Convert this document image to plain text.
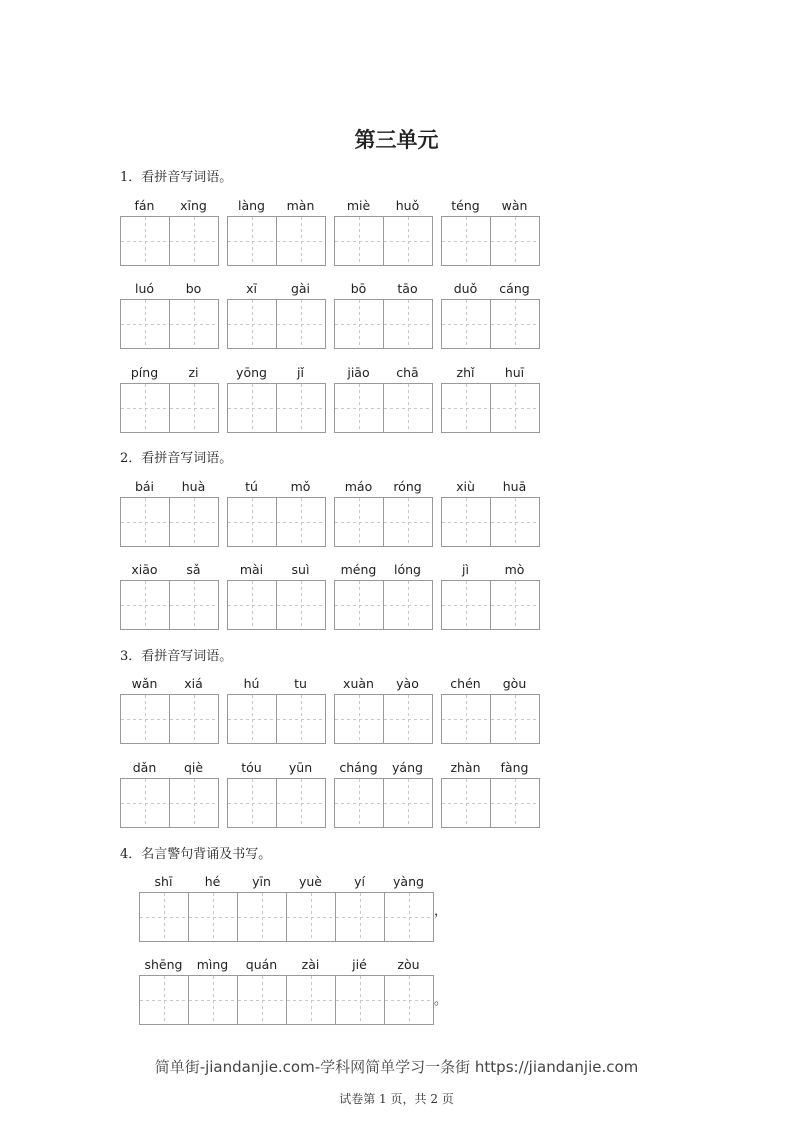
第三单元
1．看拼音写词语。
fán	xīng	làng	màn	miè	huǒ	téng	wàn
luó	bo	xī	gài	bō	tāo	duǒ	cáng
píng	zi	yōng	jǐ	jiāo	chā	zhǐ	huī
2．看拼音写词语。
bái	huà	tú	mǒ	máo	róng	xiù	huā
xiāo	sǎ	mài	suì	méng	lóng	jì	mò
3．看拼音写词语。
wǎn	xiá	hú	tu	xuàn	yào	chén	gòu
dǎn	qiè	tóu	yūn	cháng	yáng	zhàn	fàng
4．名言警句背诵及书写。
shī	hé	yīn	yuè	yí	yàng
，
shēng	mìng	quán	zài	jié	zòu
。
简单街-jiandanjie.com-学科网简单学习一条街 https://jiandanjie.com
试卷第 1 页，共 2 页
